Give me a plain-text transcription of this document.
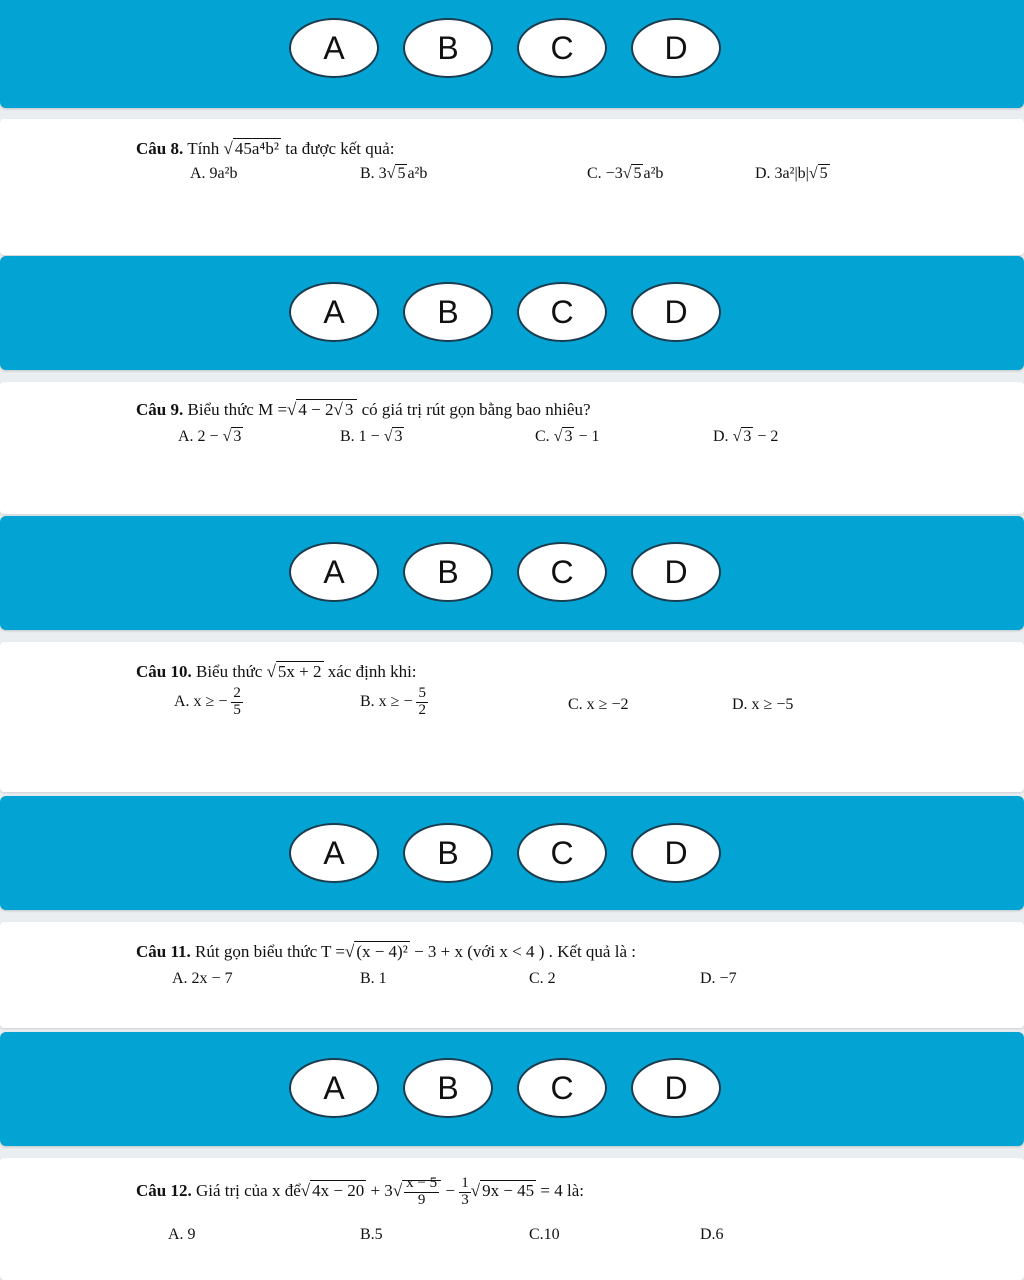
A	B	C	D
Câu 8. Tính √ 45a⁴b² ta được kết quả:
A. 9a²b	B. 3√ 5 a²b	C. −3√ 5 a²b	D. 3a²|b|√ 5
A	B	C	D
Câu 9. Biểu thức M =√ 4 − 2√ 3 có giá trị rút gọn bằng bao nhiêu?
A. 2 − √ 3	B. 1 − √ 3	C. √ 3 − 1	D. √ 3 − 2
A	B	C	D
Câu 10. Biểu thức √ 5x + 2 xác định khi:
A. x ≥ − $\frac{2}{5}$	B. x ≥ − $\frac{5}{2}$	C. x ≥ −2	D. x ≥ −5
A	B	C	D
Câu 11. Rút gọn biểu thức T =√ (x − 4)² − 3 + x (với x < 4 ) . Kết quả là :
A. 2x − 7	B. 1	C. 2	D. −7
A	B	C	D
Câu 12. Giá trị của x để√ $4x - 20 + 3√ \frac{x - 5}{9} - \frac{1}{3}$ √ 9x − 45 = 4 là:
A. 9	B.5	C.10	D.6
